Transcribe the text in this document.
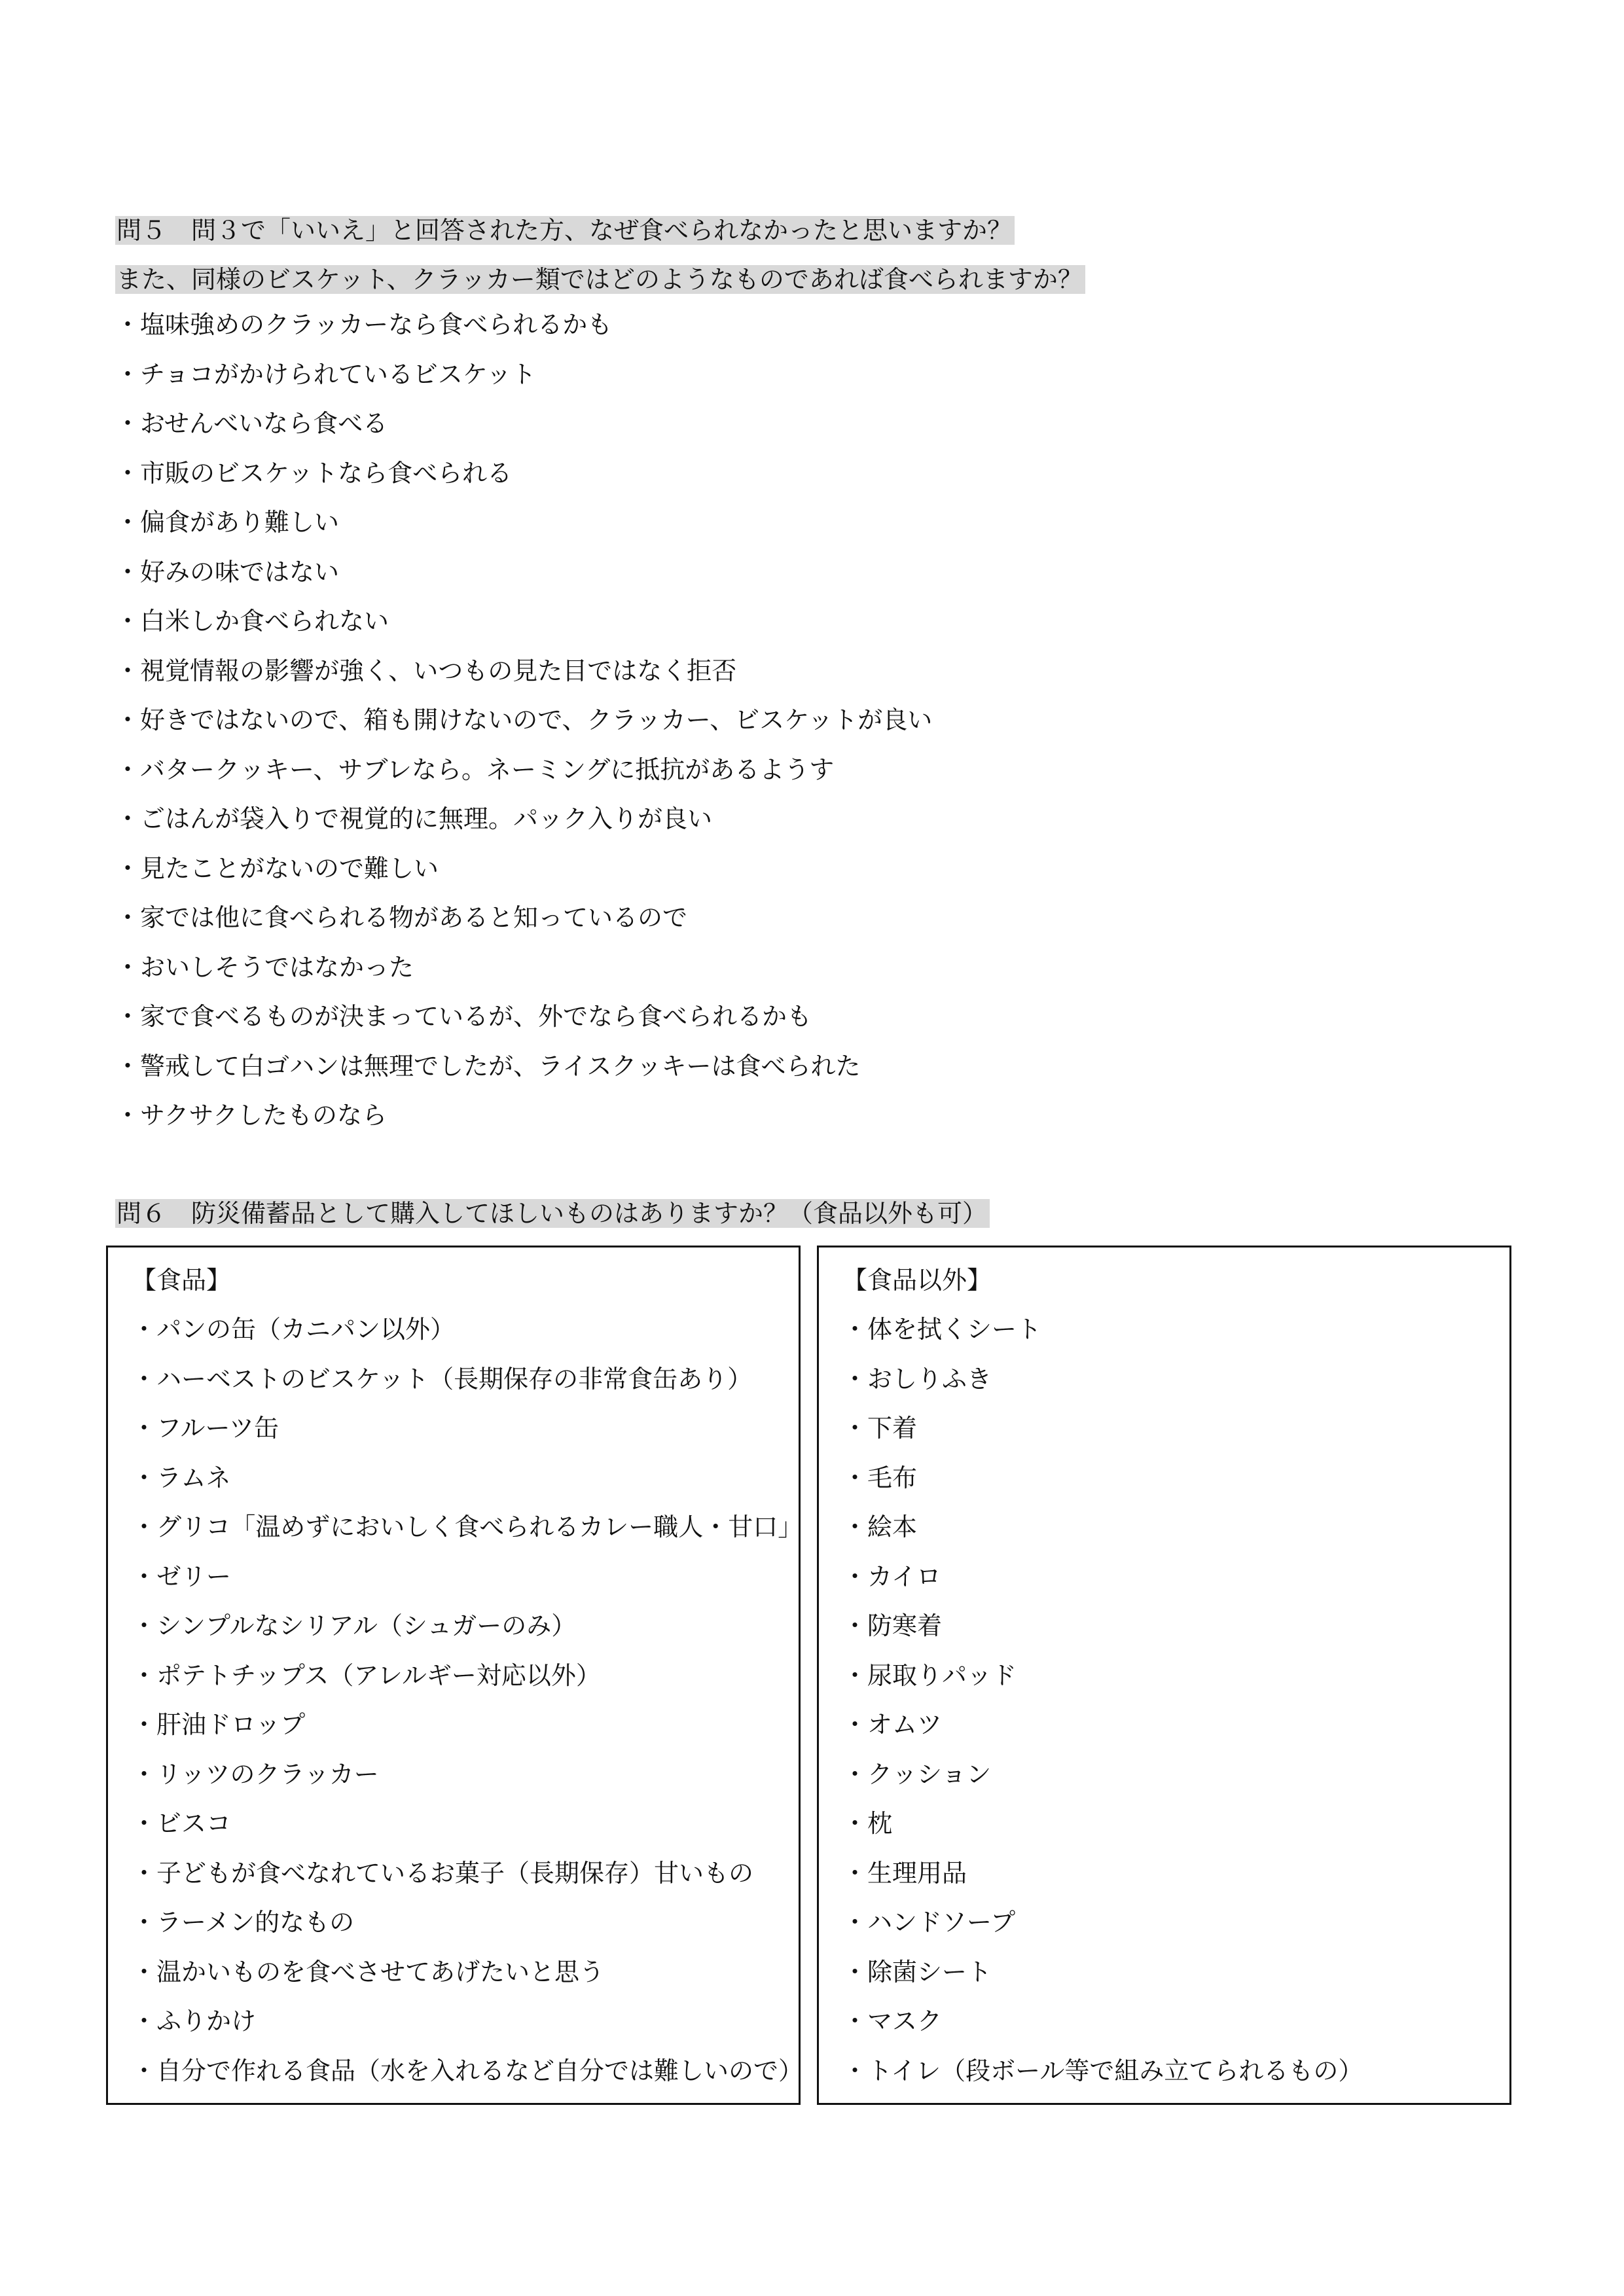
問５　問３で「いいえ」と回答された方、なぜ食べられなかったと思いますか？
また、同様のビスケット、クラッカー類ではどのようなものであれば食べられますか？
・塩味強めのクラッカーなら食べられるかも
・チョコがかけられているビスケット
・おせんべいなら食べる
・市販のビスケットなら食べられる
・偏食があり難しい
・好みの味ではない
・白米しか食べられない
・視覚情報の影響が強く、いつもの見た目ではなく拒否
・好きではないので、箱も開けないので、クラッカー、ビスケットが良い
・バタークッキー、サブレなら。ネーミングに抵抗があるようす
・ごはんが袋入りで視覚的に無理。パック入りが良い
・見たことがないので難しい
・家では他に食べられる物があると知っているので
・おいしそうではなかった
・家で食べるものが決まっているが、外でなら食べられるかも
・警戒して白ゴハンは無理でしたが、ライスクッキーは食べられた
・サクサクしたものなら
問６　防災備蓄品として購入してほしいものはありますか？（食品以外も可）
【食品】
・パンの缶（カニパン以外）
・ハーベストのビスケット（長期保存の非常食缶あり）
・フルーツ缶
・ラムネ
・グリコ「温めずにおいしく食べられるカレー職人・甘口」
・ゼリー
・シンプルなシリアル（シュガーのみ）
・ポテトチップス（アレルギー対応以外）
・肝油ドロップ
・リッツのクラッカー
・ビスコ
・子どもが食べなれているお菓子（長期保存）甘いもの
・ラーメン的なもの
・温かいものを食べさせてあげたいと思う
・ふりかけ
・自分で作れる食品（水を入れるなど自分では難しいので）
【食品以外】
・体を拭くシート
・おしりふき
・下着
・毛布
・絵本
・カイロ
・防寒着
・尿取りパッド
・オムツ
・クッション
・枕
・生理用品
・ハンドソープ
・除菌シート
・マスク
・トイレ（段ボール等で組み立てられるもの）
